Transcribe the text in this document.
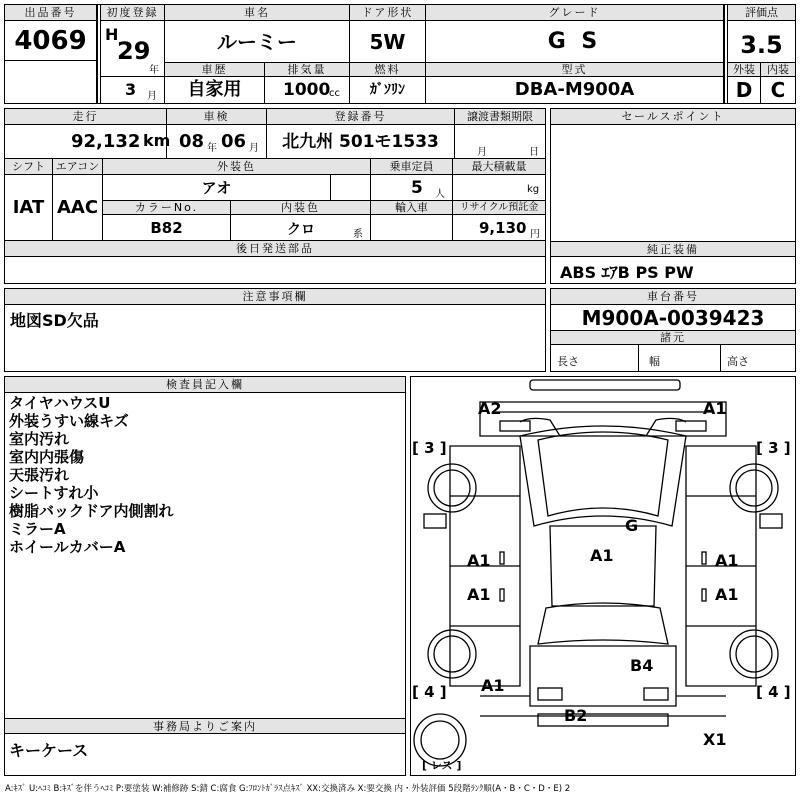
出品番号
4069
初度登録
H
29
年
3 月
車名
ルーミー
ドア形状
5W
グレード
G S
評価点
3.5
車歴
自家用
排気量
1000
cc
燃料
ｶﾞｿﾘﾝ
型式
DBA-M900A
外装
D
内装
C
走行
92,132 km
車検
08 年 06 月
登録番号
北九州 501モ1533
譲渡書類期限
月	日
シフト
IAT
エアコン
AAC
外装色
アオ
乗車定員
5 人
最大積載量
kg
カラーNo.
B82
内装色
クロ	系
輸入車	リサイクル預託金
9,130 円
後日発送部品
セールスポイント
純正装備
ABS ｴｱB PS PW
注意事項欄
地図SD欠品
車台番号
M900A-0039423
諸元
長さ	幅	高さ
検査員記入欄
タイヤハウスU
外装うすい線キズ
室内汚れ
室内内張傷
天張汚れ
シートすれ小
樹脂バックドア内側割れ
ミラーA
ホイールカバーA
事務局よりご案内
キーケース
A2	A1
[ 3 ]	[ 3 ]
G
A1
A1	A1
A1	A1
B4
A1
[ 4 ]	[ 4 ]
B2
X1
[ レス ]
A:ｷｽﾞ U:ﾍｺﾐ B:ｷｽﾞを伴うﾍｺﾐ P:要塗装 W:補修跡 S:錆 C:腐食 G:ﾌﾛﾝﾄｶﾞﾗｽ点ｷｽﾞ XX:交換済み X:要交換 内・外装評価 5段階ﾗﾝｸ順(A・B・C・D・E) 2
